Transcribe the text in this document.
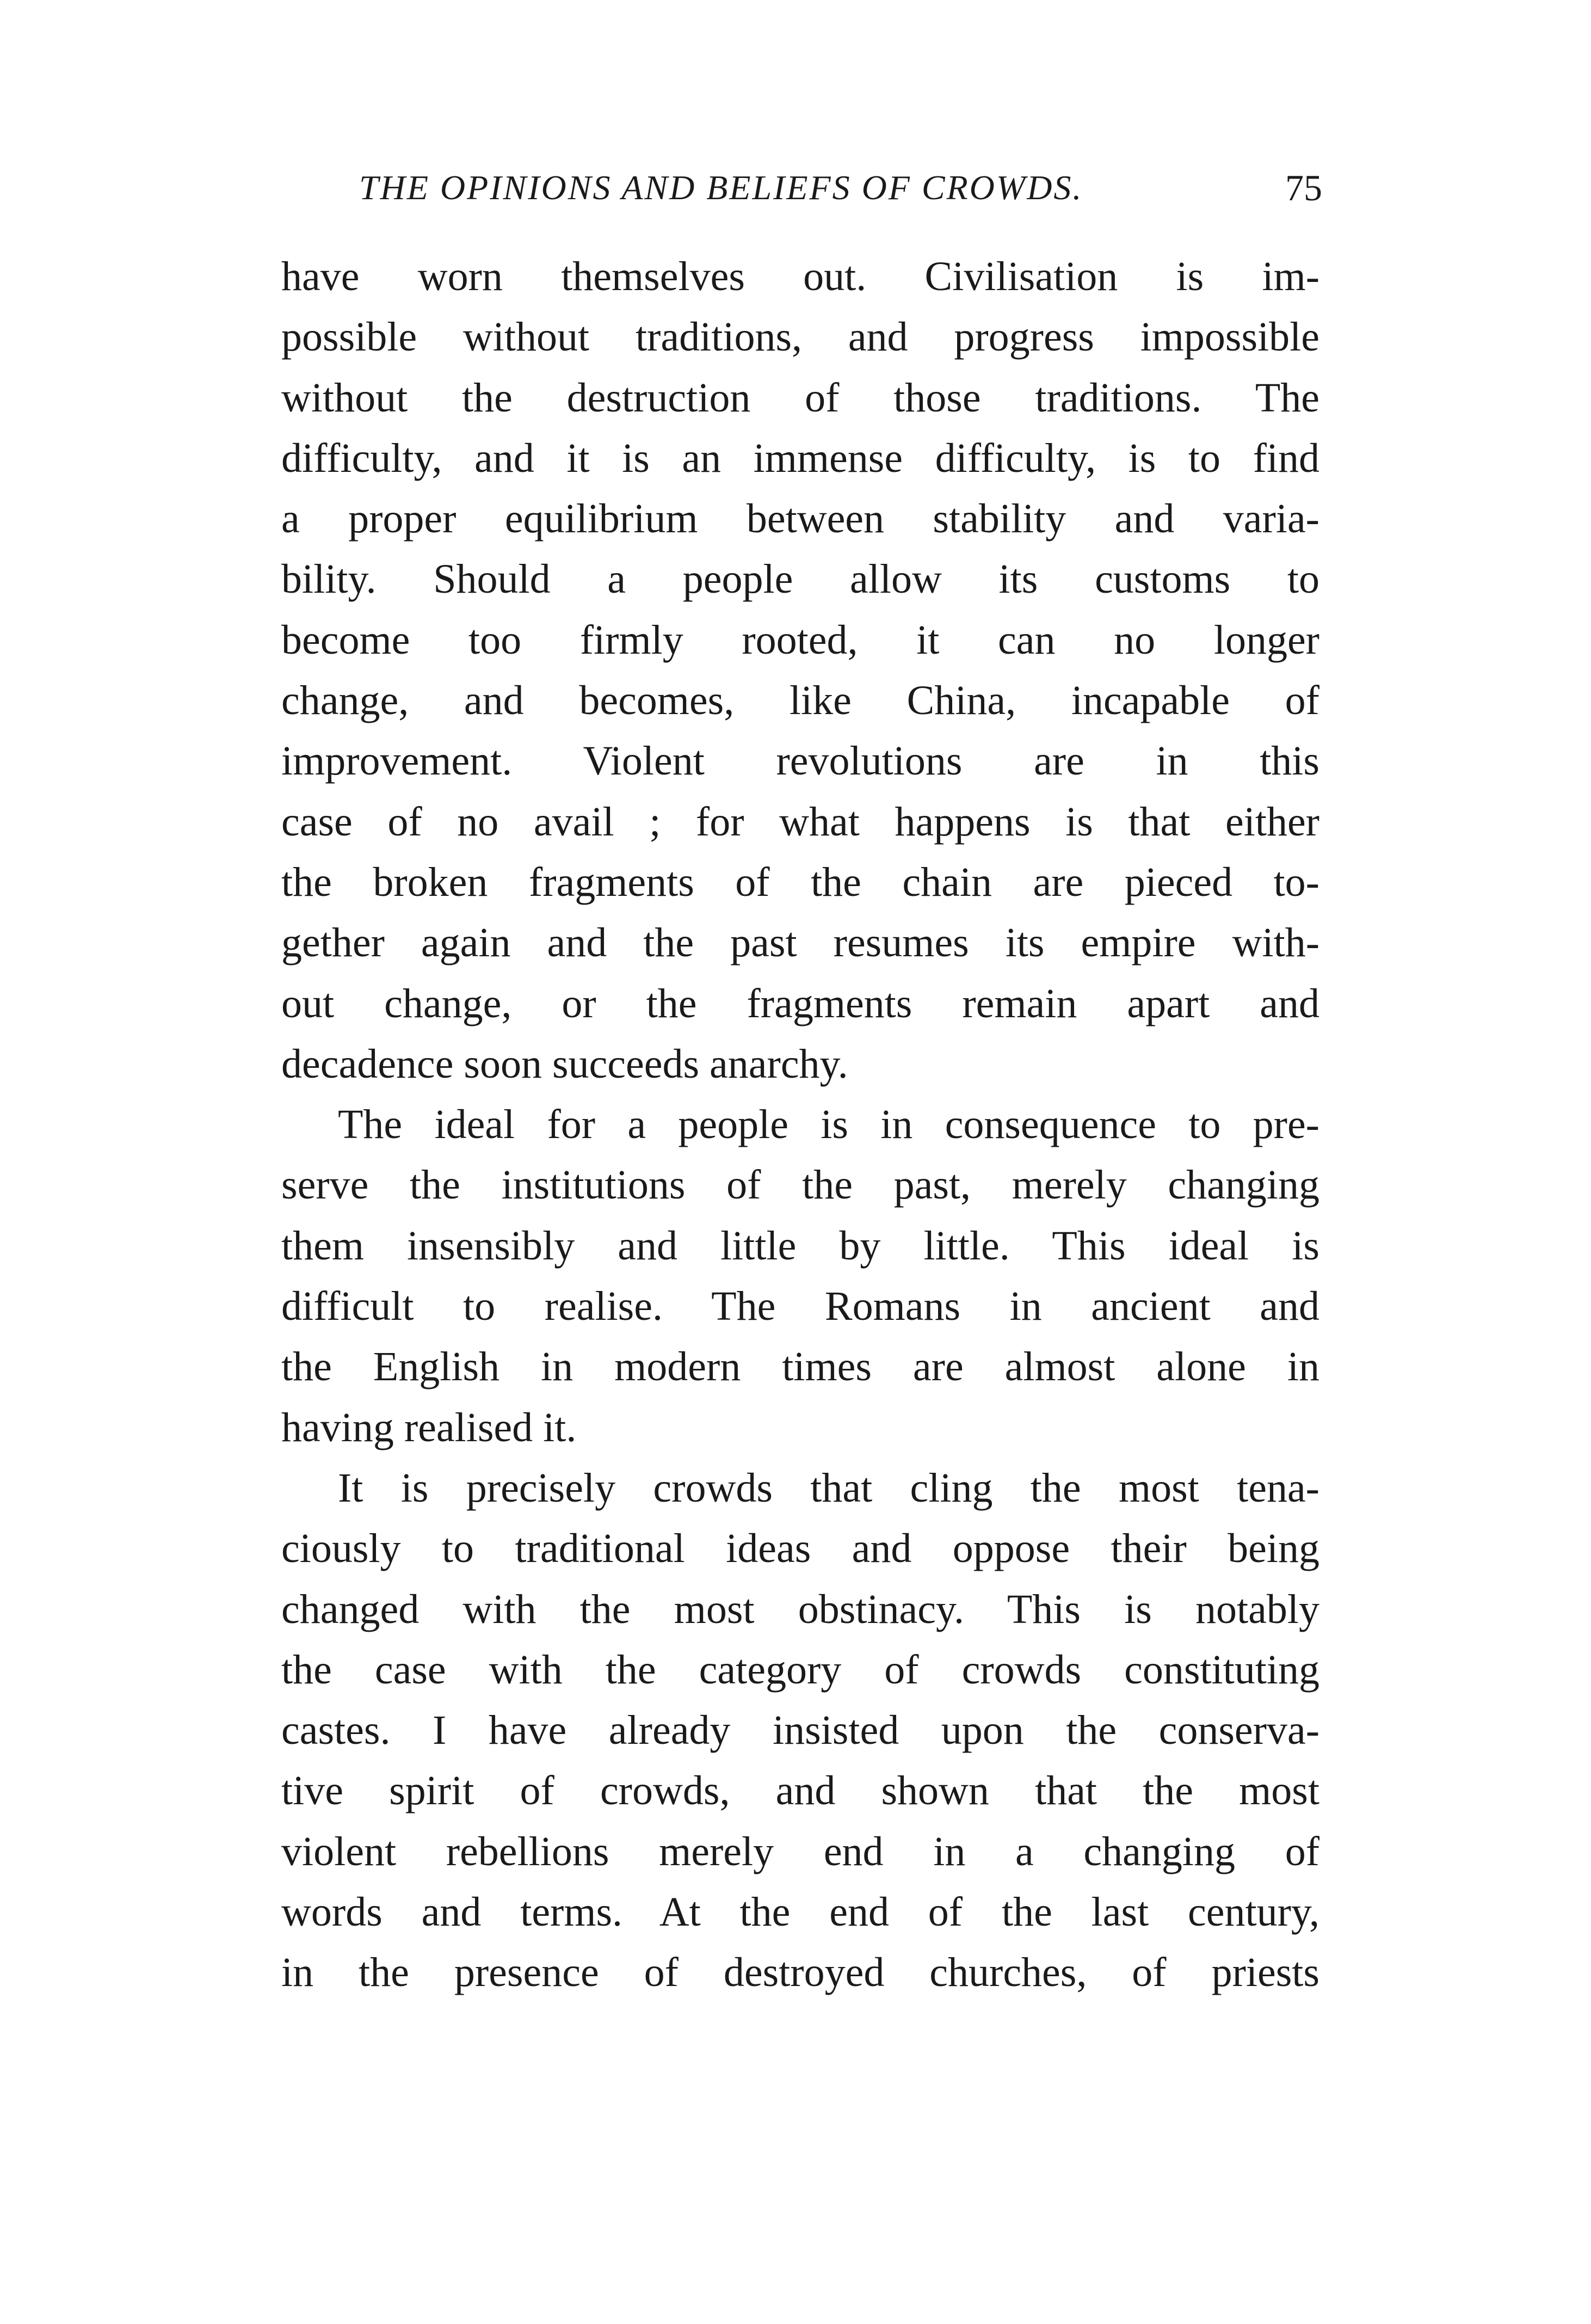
THE OPINIONS AND BELIEFS OF CROWDS.	75
have worn themselves out. Civilisation is im-
possible without traditions, and progress impossible
without the destruction of those traditions. The
difficulty, and it is an immense difficulty, is to find
a proper equilibrium between stability and varia-
bility. Should a people allow its customs to
become too firmly rooted, it can no longer
change, and becomes, like China, incapable of
improvement. Violent revolutions are in this
case of no avail ; for what happens is that either
the broken fragments of the chain are pieced to-
gether again and the past resumes its empire with-
out change, or the fragments remain apart and
decadence soon succeeds anarchy.
The ideal for a people is in consequence to pre-
serve the institutions of the past, merely changing
them insensibly and little by little. This ideal is
difficult to realise. The Romans in ancient and
the English in modern times are almost alone in
having realised it.
It is precisely crowds that cling the most tena-
ciously to traditional ideas and oppose their being
changed with the most obstinacy. This is notably
the case with the category of crowds constituting
castes. I have already insisted upon the conserva-
tive spirit of crowds, and shown that the most
violent rebellions merely end in a changing of
words and terms. At the end of the last century,
in the presence of destroyed churches, of priests
